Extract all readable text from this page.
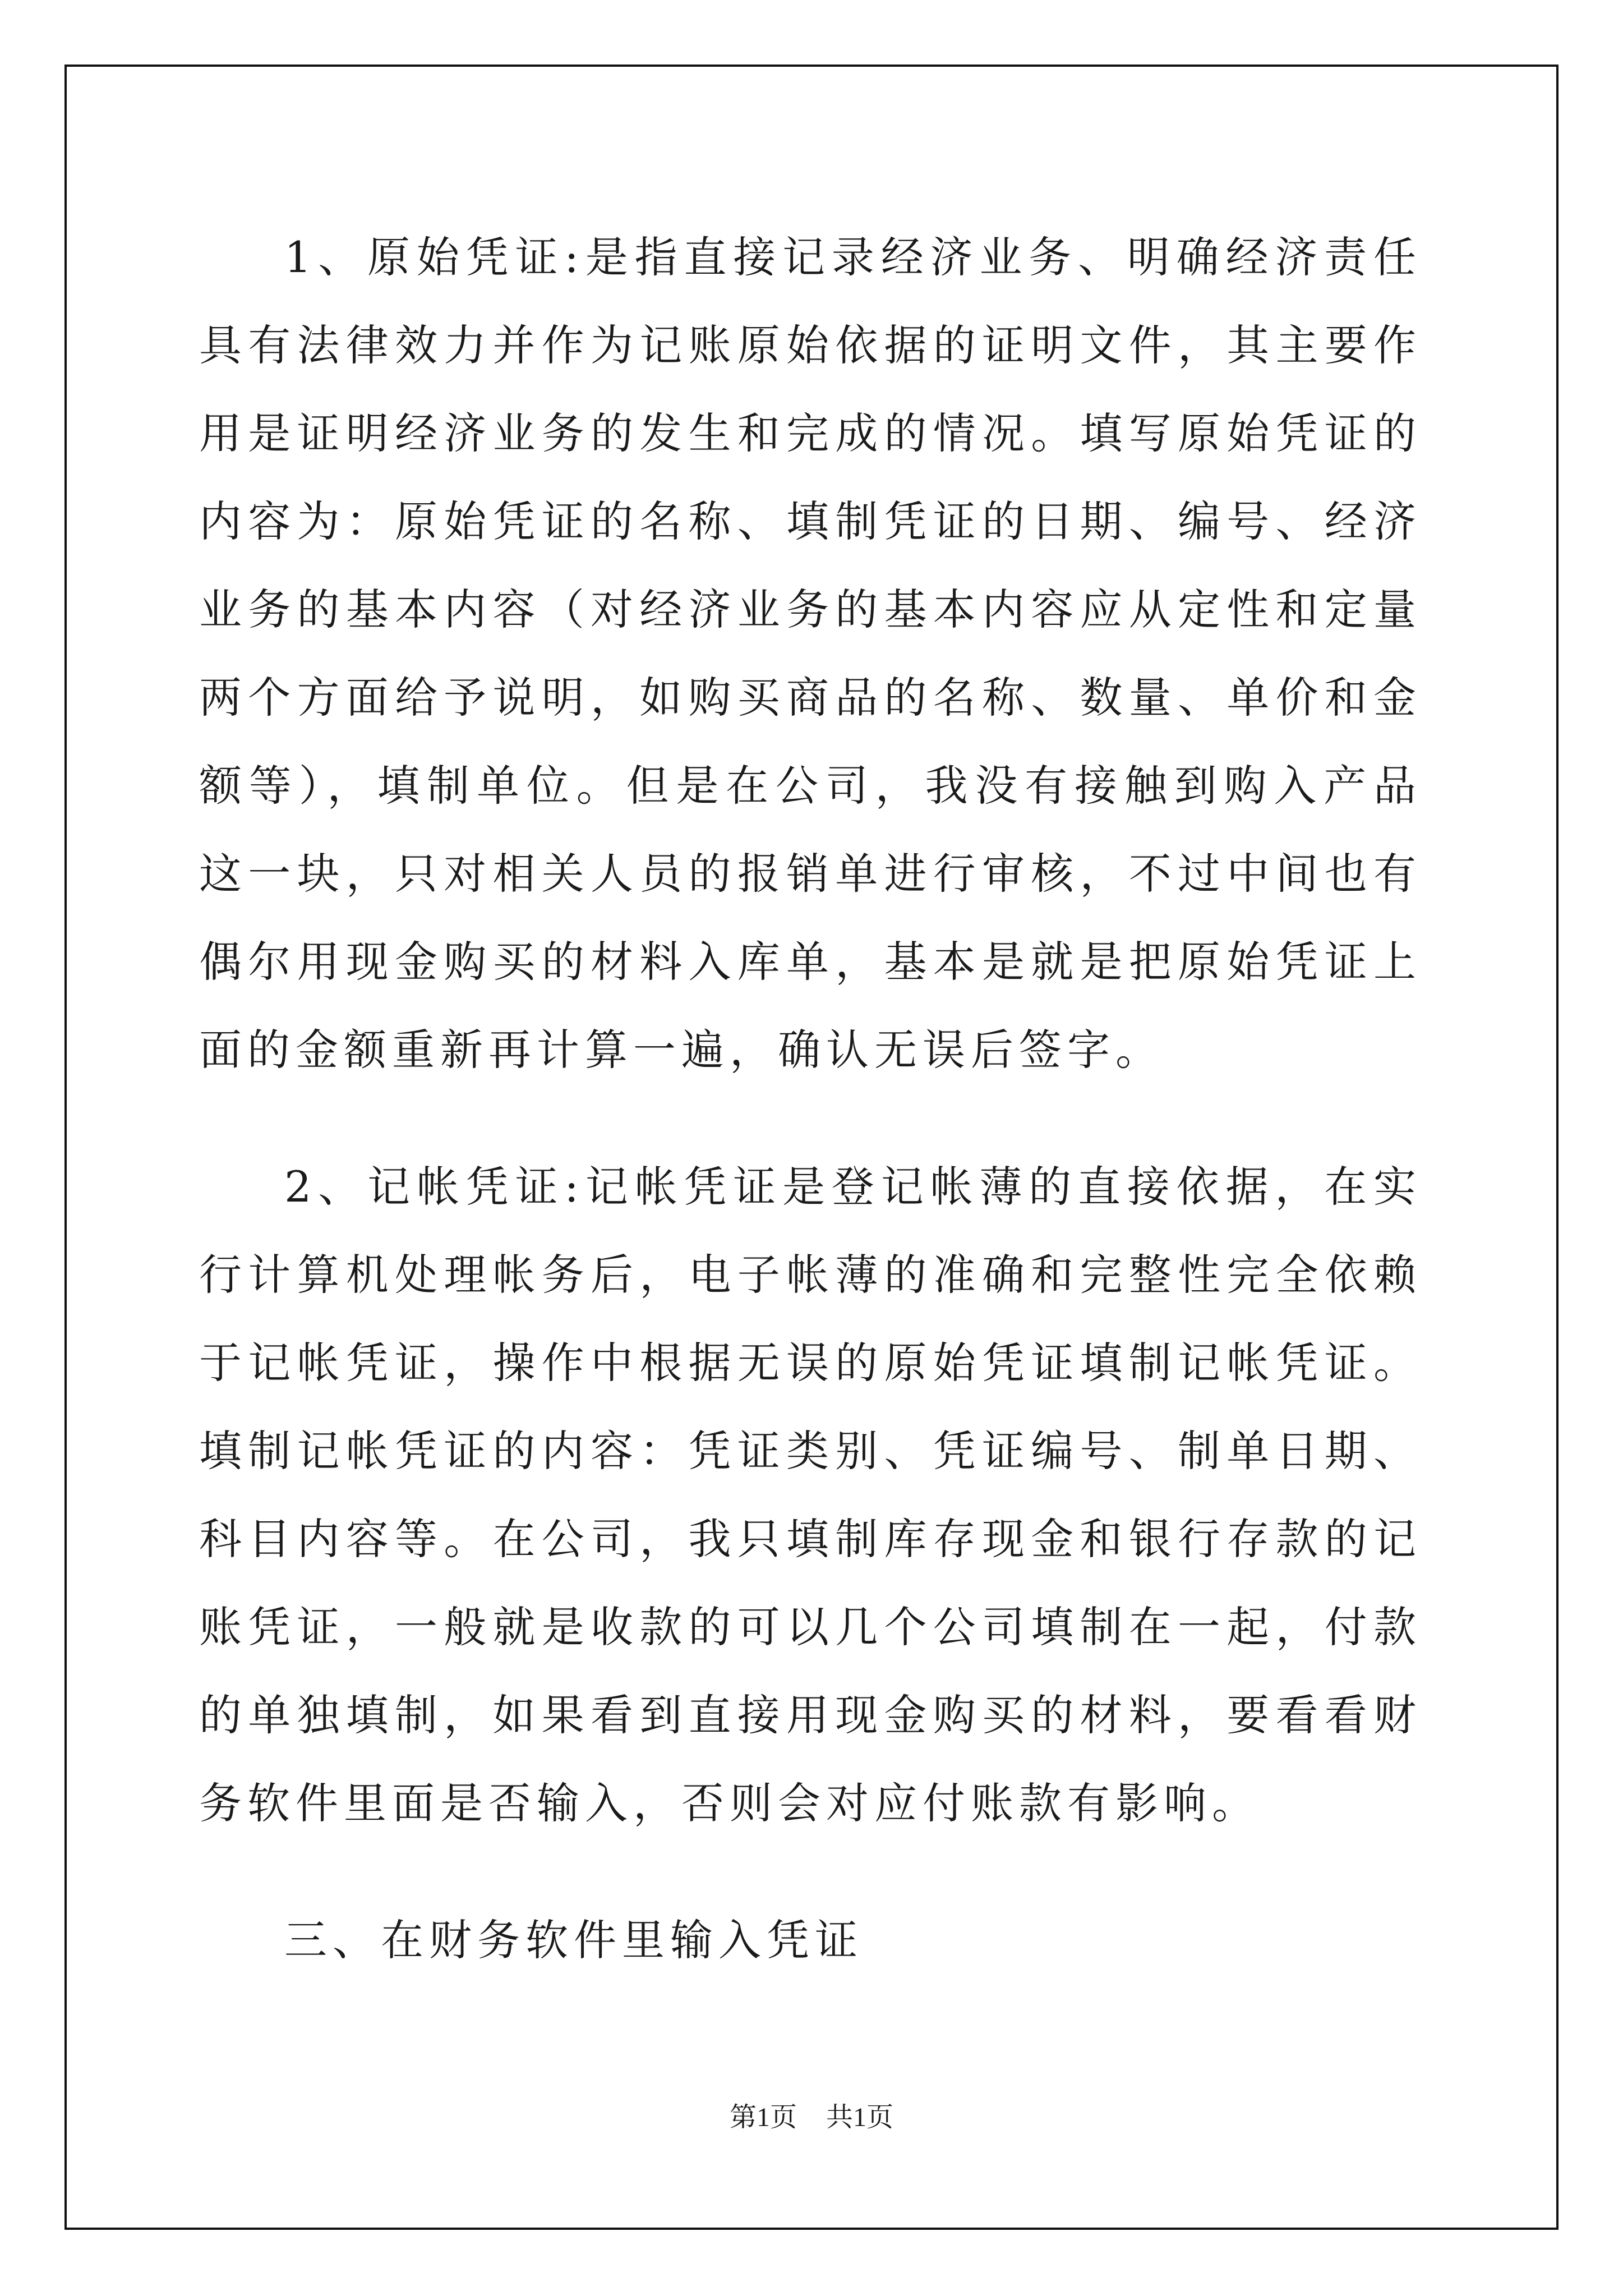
1、原始凭证:是指直接记录经济业务、明确经济责任具有法律效力并作为记账原始依据的证明文件，其主要作用是证明经济业务的发生和完成的情况。填写原始凭证的内容为：原始凭证的名称、填制凭证的日期、编号、经济业务的基本内容（对经济业务的基本内容应从定性和定量两个方面给予说明，如购买商品的名称、数量、单价和金额等），填制单位。但是在公司，我没有接触到购入产品这一块，只对相关人员的报销单进行审核，不过中间也有偶尔用现金购买的材料入库单，基本是就是把原始凭证上面的金额重新再计算一遍，确认无误后签字。

2、记帐凭证:记帐凭证是登记帐薄的直接依据，在实行计算机处理帐务后，电子帐薄的准确和完整性完全依赖于记帐凭证，操作中根据无误的原始凭证填制记帐凭证。填制记帐凭证的内容：凭证类别、凭证编号、制单日期、科目内容等。在公司，我只填制库存现金和银行存款的记账凭证，一般就是收款的可以几个公司填制在一起，付款的单独填制，如果看到直接用现金购买的材料，要看看财务软件里面是否输入，否则会对应付账款有影响。

三、在财务软件里输入凭证

第1页 共1页
